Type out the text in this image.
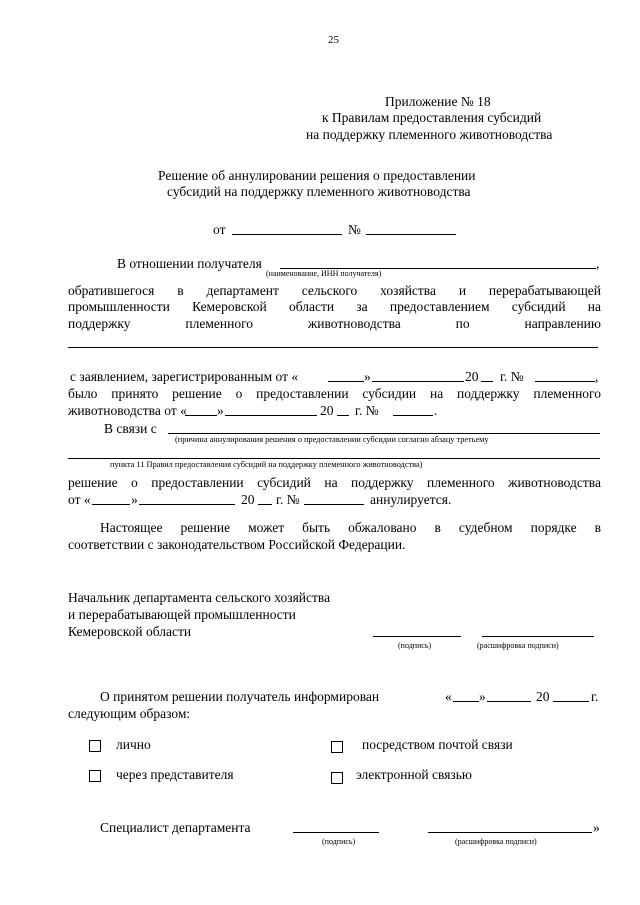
25
Приложение № 18
к Правилам предоставления субсидий
на поддержку племенного животноводства
Решение об аннулировании решения о предоставлении
субсидий на поддержку племенного животноводства
от	№
В отношении получателя	,
(наименование, ИНН получателя)
обратившегося в департамент сельского хозяйства и перерабатывающей
промышленности Кемеровской области за предоставлением субсидий на
поддержку племенного животноводства по направлению
с заявлением, зарегистрированным от «	»	20 г. №	,
было принято решение о предоставлении субсидии на поддержку племенного
животноводства от « »	20 г. №	.
В связи с
(причина аннулирования решения о предоставлении субсидии согласно абзацу третьему
пункта 11 Правил предоставления субсидий на поддержку племенного животноводства)
решение о предоставлении субсидий на поддержку племенного животноводства
от «	»	20 г. №	аннулируется.
Настоящее решение может быть обжаловано в судебном порядке в
соответствии с законодательством Российской Федерации.
Начальник департамента сельского хозяйства
и перерабатывающей промышленности
Кемеровской области
(подпись)	(расшифровка подписи)
О принятом решении получатель информирован	« »	20	г.
следующим образом:
лично	посредством почтой связи
через представителя	электронной связью
Специалист департамента	»
(подпись)	(расшифровка подписи)
